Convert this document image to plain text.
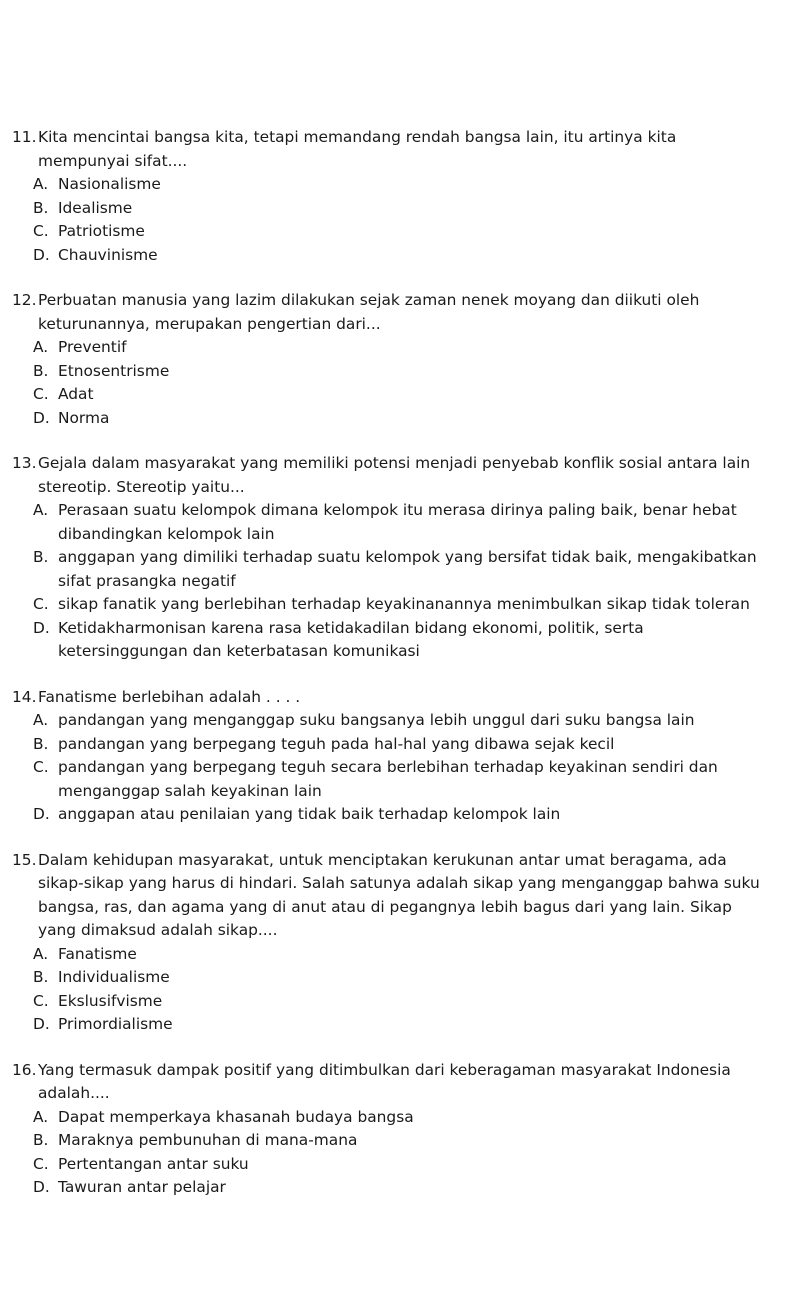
11. Kita mencintai bangsa kita, tetapi memandang rendah bangsa lain, itu artinya kita mempunyai sifat....
A. Nasionalisme
B. Idealisme
C. Patriotisme
D. Chauvinisme
12. Perbuatan manusia yang lazim dilakukan sejak zaman nenek moyang dan diikuti oleh keturunannya, merupakan pengertian dari...
A. Preventif
B. Etnosentrisme
C. Adat
D. Norma
13. Gejala dalam masyarakat yang memiliki potensi menjadi penyebab konflik sosial antara lain stereotip. Stereotip yaitu...
A. Perasaan suatu kelompok dimana kelompok itu merasa dirinya paling baik, benar hebat dibandingkan kelompok lain
B. anggapan yang dimiliki terhadap suatu kelompok yang bersifat tidak baik, mengakibatkan sifat prasangka negatif
C. sikap fanatik yang berlebihan terhadap keyakinanannya menimbulkan sikap tidak toleran
D. Ketidakharmonisan karena rasa ketidakadilan bidang ekonomi, politik, serta ketersinggungan dan keterbatasan komunikasi
14. Fanatisme berlebihan adalah . . . .
A. pandangan yang menganggap suku bangsanya lebih unggul dari suku bangsa lain
B. pandangan yang berpegang teguh pada hal-hal yang dibawa sejak kecil
C. pandangan yang berpegang teguh secara berlebihan terhadap keyakinan sendiri dan menganggap salah keyakinan lain
D. anggapan atau penilaian yang tidak baik terhadap kelompok lain
15. Dalam kehidupan masyarakat, untuk menciptakan kerukunan antar umat beragama, ada sikap-sikap yang harus di hindari. Salah satunya adalah sikap yang menganggap bahwa suku bangsa, ras, dan agama yang di anut atau di pegangnya lebih bagus dari yang lain. Sikap yang dimaksud adalah sikap....
A. Fanatisme
B. Individualisme
C. Ekslusifvisme
D. Primordialisme
16. Yang termasuk dampak positif yang ditimbulkan dari keberagaman masyarakat Indonesia adalah....
A. Dapat memperkaya khasanah budaya bangsa
B. Maraknya pembunuhan di mana-mana
C. Pertentangan antar suku
D. Tawuran antar pelajar
